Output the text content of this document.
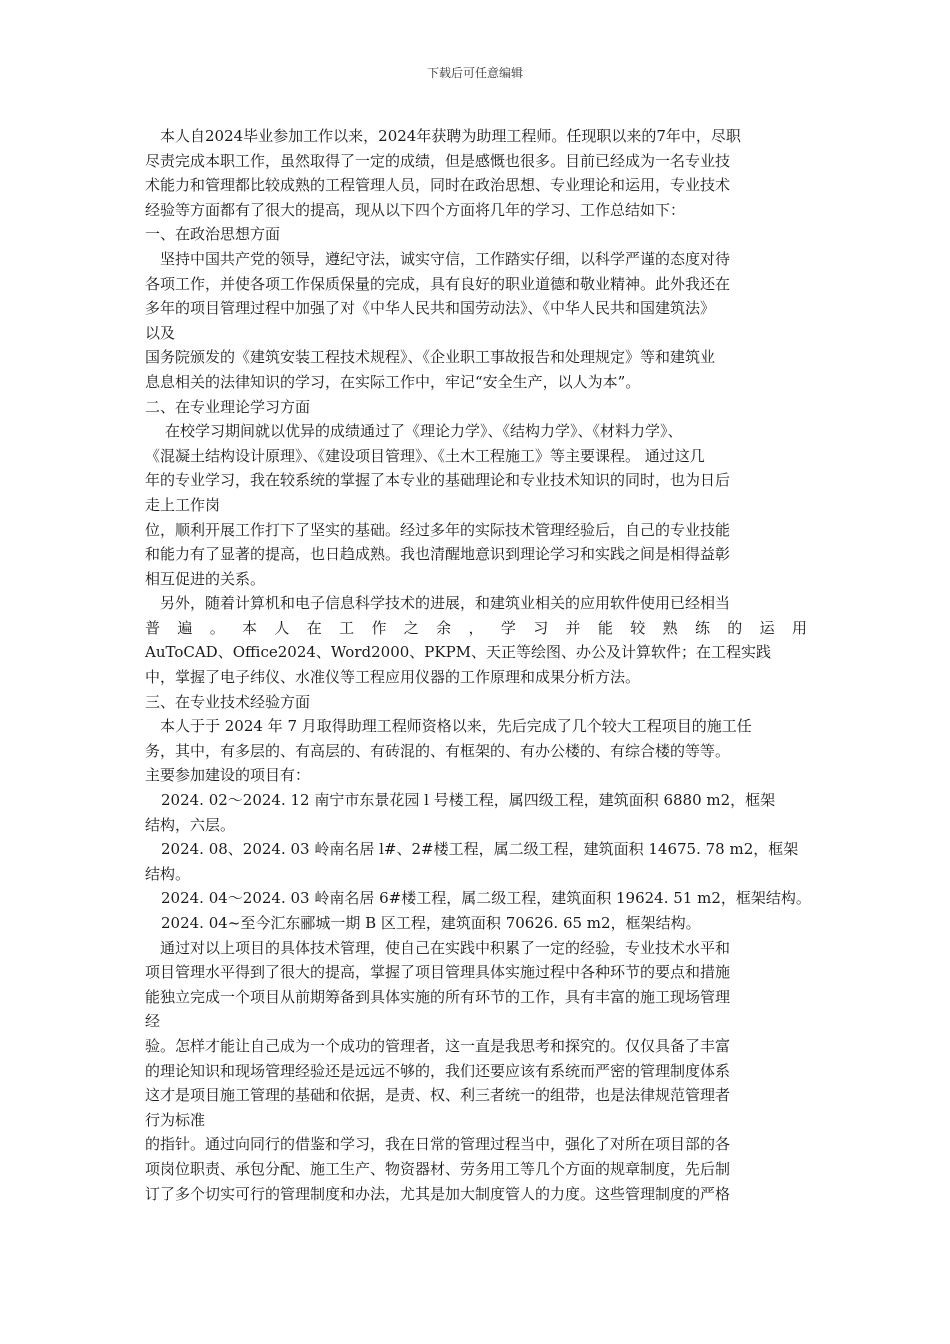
下载后可任意编辑
本人自2024毕业参加工作以来，2024年获聘为助理工程师。任现职以来的7年中，尽职
尽责完成本职工作，虽然取得了一定的成绩，但是感慨也很多。目前已经成为一名专业技
术能力和管理都比较成熟的工程管理人员，同时在政治思想、专业理论和运用，专业技术
经验等方面都有了很大的提高，现从以下四个方面将几年的学习、工作总结如下：
一、在政治思想方面
坚持中国共产党的领导，遵纪守法，诚实守信，工作踏实仔细，以科学严谨的态度对待
各项工作，并使各项工作保质保量的完成，具有良好的职业道德和敬业精神。此外我还在
多年的项目管理过程中加强了对《中华人民共和国劳动法》、《中华人民共和国建筑法》
以及
国务院颁发的《建筑安装工程技术规程》、《企业职工事故报告和处理规定》等和建筑业
息息相关的法律知识的学习，在实际工作中，牢记“安全生产，以人为本”。
二、在专业理论学习方面
在校学习期间就以优异的成绩通过了《理论力学》、《结构力学》、《材料力学》、
《混凝土结构设计原理》、《建设项目管理》、《土木工程施工》等主要课程。 通过这几
年的专业学习，我在较系统的掌握了本专业的基础理论和专业技术知识的同时，也为日后
走上工作岗
位，顺利开展工作打下了坚实的基础。经过多年的实际技术管理经验后，自己的专业技能
和能力有了显著的提高，也日趋成熟。我也清醒地意识到理论学习和实践之间是相得益彰
相互促进的关系。
另外，随着计算机和电子信息科学技术的进展，和建筑业相关的应用软件使用已经相当
普遍。本人在工作之余，学习并能较熟练的运用
AuToCAD、Office2024、Word2000、PKPM、天正等绘图、办公及计算软件；在工程实践
中，掌握了电子纬仪、水准仪等工程应用仪器的工作原理和成果分析方法。
三、在专业技术经验方面
本人于于 2024 年 7 月取得助理工程师资格以来，先后完成了几个较大工程项目的施工任
务，其中，有多层的、有高层的、有砖混的、有框架的、有办公楼的、有综合楼的等等。
主要参加建设的项目有：
2024. 02～2024. 12 南宁市东景花园 l 号楼工程，属四级工程，建筑面积 6880 m2，框架
结构，六层。
2024. 08、2024. 03 岭南名居 l#、2#楼工程，属二级工程，建筑面积 14675. 78 m2，框架
结构。
2024. 04～2024. 03 岭南名居 6#楼工程，属二级工程，建筑面积 19624. 51 m2，框架结构。
2024. 04~至今汇东郦城一期 B 区工程，建筑面积 70626. 65 m2，框架结构。
通过对以上项目的具体技术管理，使自己在实践中积累了一定的经验，专业技术水平和
项目管理水平得到了很大的提高，掌握了项目管理具体实施过程中各种环节的要点和措施
能独立完成一个项目从前期筹备到具体实施的所有环节的工作，具有丰富的施工现场管理
经
验。怎样才能让自己成为一个成功的管理者，这一直是我思考和探究的。仅仅具备了丰富
的理论知识和现场管理经验还是远远不够的，我们还要应该有系统而严密的管理制度体系
这才是项目施工管理的基础和依据，是责、权、利三者统一的组带，也是法律规范管理者
行为标准
的指针。通过向同行的借鉴和学习，我在日常的管理过程当中，强化了对所在项目部的各
项岗位职责、承包分配、施工生产、物资器材、劳务用工等几个方面的规章制度，先后制
订了多个切实可行的管理制度和办法，尤其是加大制度管人的力度。这些管理制度的严格
